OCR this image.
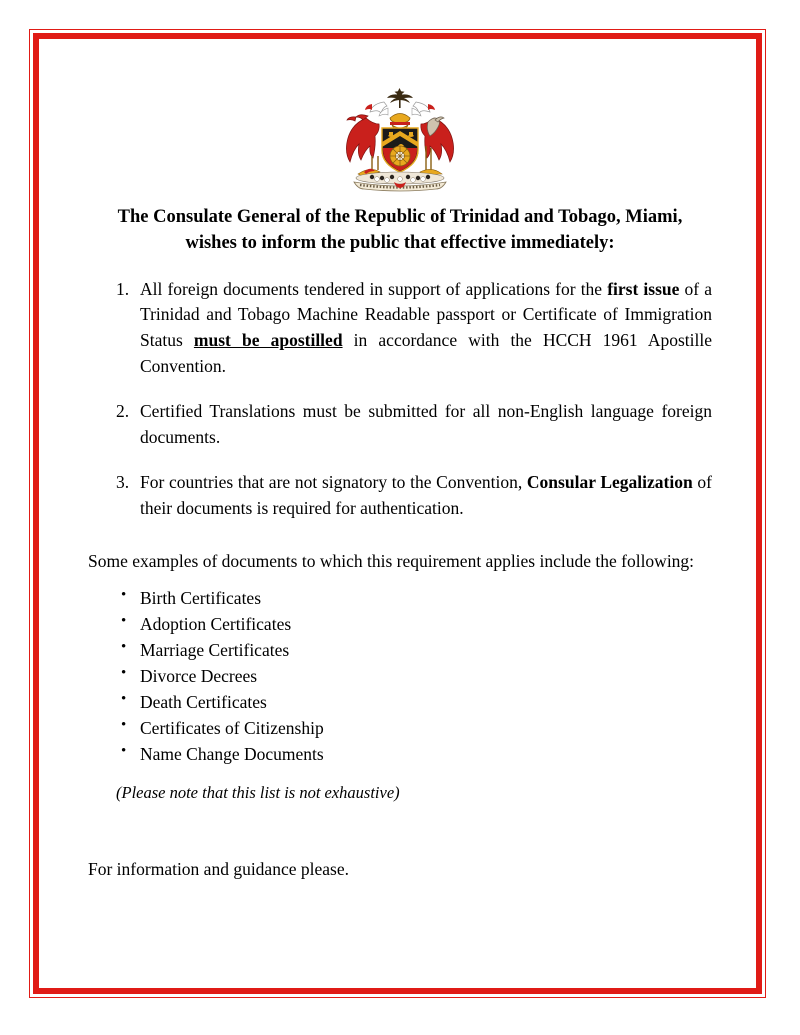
The Consulate General of the Republic of Trinidad and Tobago, Miami,
wishes to inform the public that effective immediately:
1. All foreign documents tendered in support of applications for the first issue of a Trinidad and Tobago Machine Readable passport or Certificate of Immigration Status must be apostilled in accordance with the HCCH 1961 Apostille Convention.
2. Certified Translations must be submitted for all non-English language foreign documents.
3. For countries that are not signatory to the Convention, Consular Legalization of their documents is required for authentication.

Some examples of documents to which this requirement applies include the following:

• Birth Certificates
• Adoption Certificates
• Marriage Certificates
• Divorce Decrees
• Death Certificates
• Certificates of Citizenship
• Name Change Documents

(Please note that this list is not exhaustive)

For information and guidance please.
